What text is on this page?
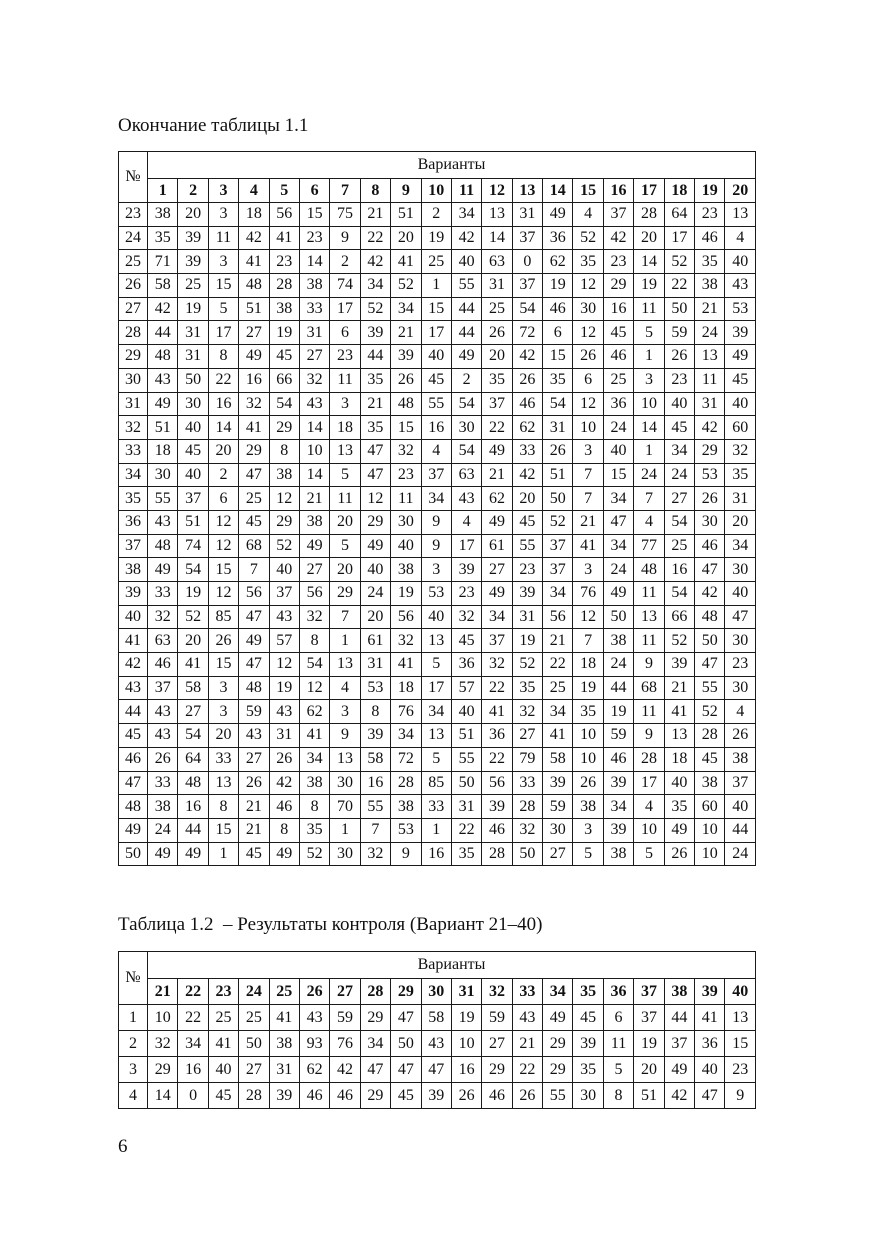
Окончание таблицы 1.1
№	Варианты																			
	1	2	3	4	5	6	7	8	9	10	11	12	13	14	15	16	17	18	19	20
23	38	20	3	18	56	15	75	21	51	2	34	13	31	49	4	37	28	64	23	13
24	35	39	11	42	41	23	9	22	20	19	42	14	37	36	52	42	20	17	46	4
25	71	39	3	41	23	14	2	42	41	25	40	63	0	62	35	23	14	52	35	40
26	58	25	15	48	28	38	74	34	52	1	55	31	37	19	12	29	19	22	38	43
27	42	19	5	51	38	33	17	52	34	15	44	25	54	46	30	16	11	50	21	53
28	44	31	17	27	19	31	6	39	21	17	44	26	72	6	12	45	5	59	24	39
29	48	31	8	49	45	27	23	44	39	40	49	20	42	15	26	46	1	26	13	49
30	43	50	22	16	66	32	11	35	26	45	2	35	26	35	6	25	3	23	11	45
31	49	30	16	32	54	43	3	21	48	55	54	37	46	54	12	36	10	40	31	40
32	51	40	14	41	29	14	18	35	15	16	30	22	62	31	10	24	14	45	42	60
33	18	45	20	29	8	10	13	47	32	4	54	49	33	26	3	40	1	34	29	32
34	30	40	2	47	38	14	5	47	23	37	63	21	42	51	7	15	24	24	53	35
35	55	37	6	25	12	21	11	12	11	34	43	62	20	50	7	34	7	27	26	31
36	43	51	12	45	29	38	20	29	30	9	4	49	45	52	21	47	4	54	30	20
37	48	74	12	68	52	49	5	49	40	9	17	61	55	37	41	34	77	25	46	34
38	49	54	15	7	40	27	20	40	38	3	39	27	23	37	3	24	48	16	47	30
39	33	19	12	56	37	56	29	24	19	53	23	49	39	34	76	49	11	54	42	40
40	32	52	85	47	43	32	7	20	56	40	32	34	31	56	12	50	13	66	48	47
41	63	20	26	49	57	8	1	61	32	13	45	37	19	21	7	38	11	52	50	30
42	46	41	15	47	12	54	13	31	41	5	36	32	52	22	18	24	9	39	47	23
43	37	58	3	48	19	12	4	53	18	17	57	22	35	25	19	44	68	21	55	30
44	43	27	3	59	43	62	3	8	76	34	40	41	32	34	35	19	11	41	52	4
45	43	54	20	43	31	41	9	39	34	13	51	36	27	41	10	59	9	13	28	26
46	26	64	33	27	26	34	13	58	72	5	55	22	79	58	10	46	28	18	45	38
47	33	48	13	26	42	38	30	16	28	85	50	56	33	39	26	39	17	40	38	37
48	38	16	8	21	46	8	70	55	38	33	31	39	28	59	38	34	4	35	60	40
49	24	44	15	21	8	35	1	7	53	1	22	46	32	30	3	39	10	49	10	44
50	49	49	1	45	49	52	30	32	9	16	35	28	50	27	5	38	5	26	10	24
Таблица 1.2  – Результаты контроля (Вариант 21–40)
№	Варианты																			
	21	22	23	24	25	26	27	28	29	30	31	32	33	34	35	36	37	38	39	40
1	10	22	25	25	41	43	59	29	47	58	19	59	43	49	45	6	37	44	41	13
2	32	34	41	50	38	93	76	34	50	43	10	27	21	29	39	11	19	37	36	15
3	29	16	40	27	31	62	42	47	47	47	16	29	22	29	35	5	20	49	40	23
4	14	0	45	28	39	46	46	29	45	39	26	46	26	55	30	8	51	42	47	9
6
